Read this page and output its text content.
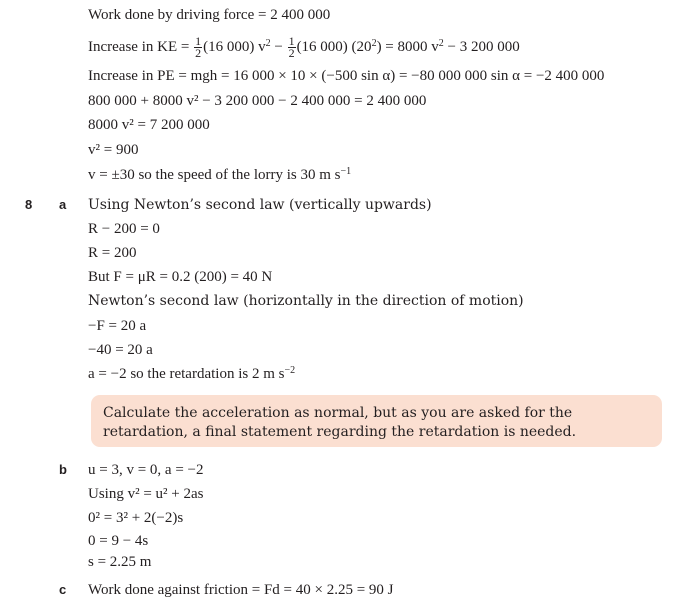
Work done by driving force = 2 400 000
Increase in KE = $\frac{1}{2} (16$ 000) $v^2 - \frac{1}{2} (16$ 000) $(20^2) = 8000$ $v^2 - 3$ 200 000
Increase in PE = mgh = 16 000 × 10 × (−500 sin α) = −80 000 000 sin α = −2 400 000
800 000 + 8000 v² − 3 200 000 − 2 400 000 = 2 400 000
8000 v² = 7 200 000
v² = 900
v = ±30 so the speed of the lorry is 30 m $s^{-1}$
8 a Using Newton’s second law (vertically upwards)
R − 200 = 0
R = 200
But F = μR = 0.2 (200) = 40 N
Newton’s second law (horizontally in the direction of motion)
−F = 20 a
−40 = 20 a
a = −2 so the retardation is 2 m $s^{-2}$
Calculate the acceleration as normal, but as you are asked for the retardation, a final statement regarding the retardation is needed.
b u = 3, v = 0, a = −2
Using v² = u² + 2as
0² = 3² + 2(−2)s
0 = 9 − 4s
s = 2.25 m
c Work done against friction = Fd = 40 × 2.25 = 90 J
